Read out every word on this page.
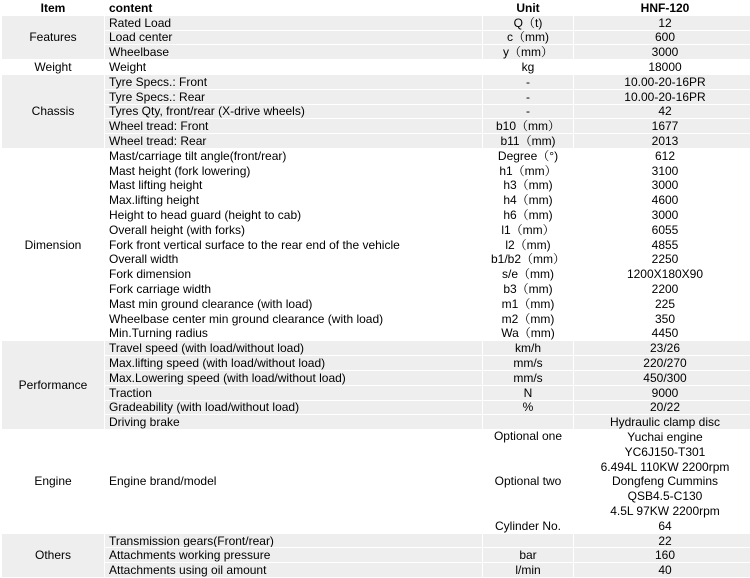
Item	content	Unit	HNF-120
Features	Rated Load	Q（t)	12
	Load center	c（mm)	600
	Wheelbase	y（mm）	3000
Weight	Weight	kg	18000
Chassis	Tyre Specs.: Front	-	10.00-20-16PR
	Tyre Specs.: Rear	-	10.00-20-16PR
	Tyres Qty, front/rear (X-drive wheels)	-	42
	Wheel tread: Front	b10（mm）	1677
	Wheel tread: Rear	b11（mm)	2013
Dimension	Mast/carriage tilt angle(front/rear)	Degree（°)	612
	Mast height (fork lowering)	h1（mm）	3100
	Mast lifting height	h3（mm)	3000
	Max.lifting height	h4（mm)	4600
	Height to head guard (height to cab)	h6（mm)	3000
	Overall height (with forks)	l1（mm）	6055
	Fork front vertical surface to the rear end of the vehicle	l2（mm)	4855
	Overall width	b1/b2（mm）	2250
	Fork dimension	s/e（mm)	1200X180X90
	Fork carriage width	b3（mm)	2200
	Mast min ground clearance (with load)	m1（mm)	225
	Wheelbase center min ground clearance (with load)	m2（mm)	350
	Min.Turning radius	Wa（mm)	4450
Performance	Travel speed (with load/without load)	km/h	23/26
	Max.lifting speed (with load/without load)	mm/s	220/270
	Max.Lowering speed (with load/without load)	mm/s	450/300
	Traction	N	9000
	Gradeability (with load/without load)	%	20/22
	Driving brake		Hydraulic clamp disc
Engine	Engine brand/model	Optional one	Yuchai engine
			YC6J150-T301
			6.494L 110KW 2200rpm
		Optional two	Dongfeng Cummins
			QSB4.5-C130
			4.5L 97KW 2200rpm
		Cylinder No.	64
Others	Transmission gears(Front/rear)		22
	Attachments working pressure	bar	160
	Attachments using oil amount	l/min	40
